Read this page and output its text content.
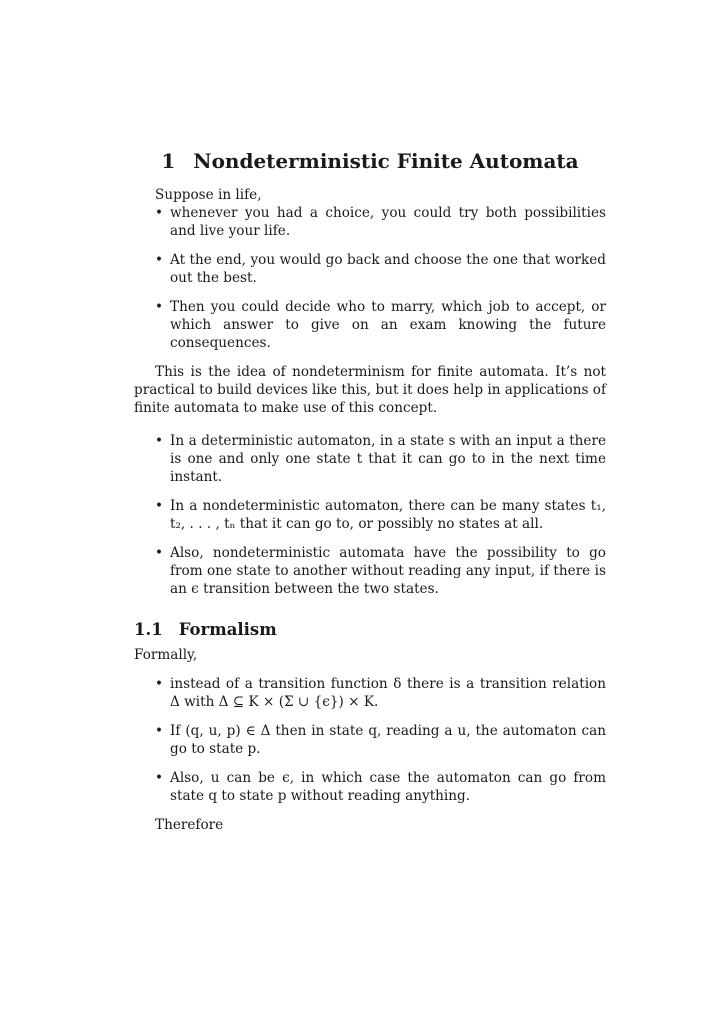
1 Nondeterministic Finite Automata

Suppose in life,

• whenever you had a choice, you could try both possibilities and live your life.
• At the end, you would go back and choose the one that worked out the best.
• Then you could decide who to marry, which job to accept, or which answer to give on an exam knowing the future consequences.

This is the idea of nondeterminism for finite automata. It’s not practical to build devices like this, but it does help in applications of finite automata to make use of this concept.

• In a deterministic automaton, in a state s with an input a there is one and only one state t that it can go to in the next time instant.
• In a nondeterministic automaton, there can be many states t₁, t₂, . . . , tₙ that it can go to, or possibly no states at all.
• Also, nondeterministic automata have the possibility to go from one state to another without reading any input, if there is an ϵ transition between the two states.
1.1 Formalism

Formally,

• instead of a transition function δ there is a transition relation Δ with Δ ⊆ K × (Σ ∪ {ϵ}) × K.
• If (q, u, p) ∈ Δ then in state q, reading a u, the automaton can go to state p.
• Also, u can be ϵ, in which case the automaton can go from state q to state p without reading anything.

Therefore
